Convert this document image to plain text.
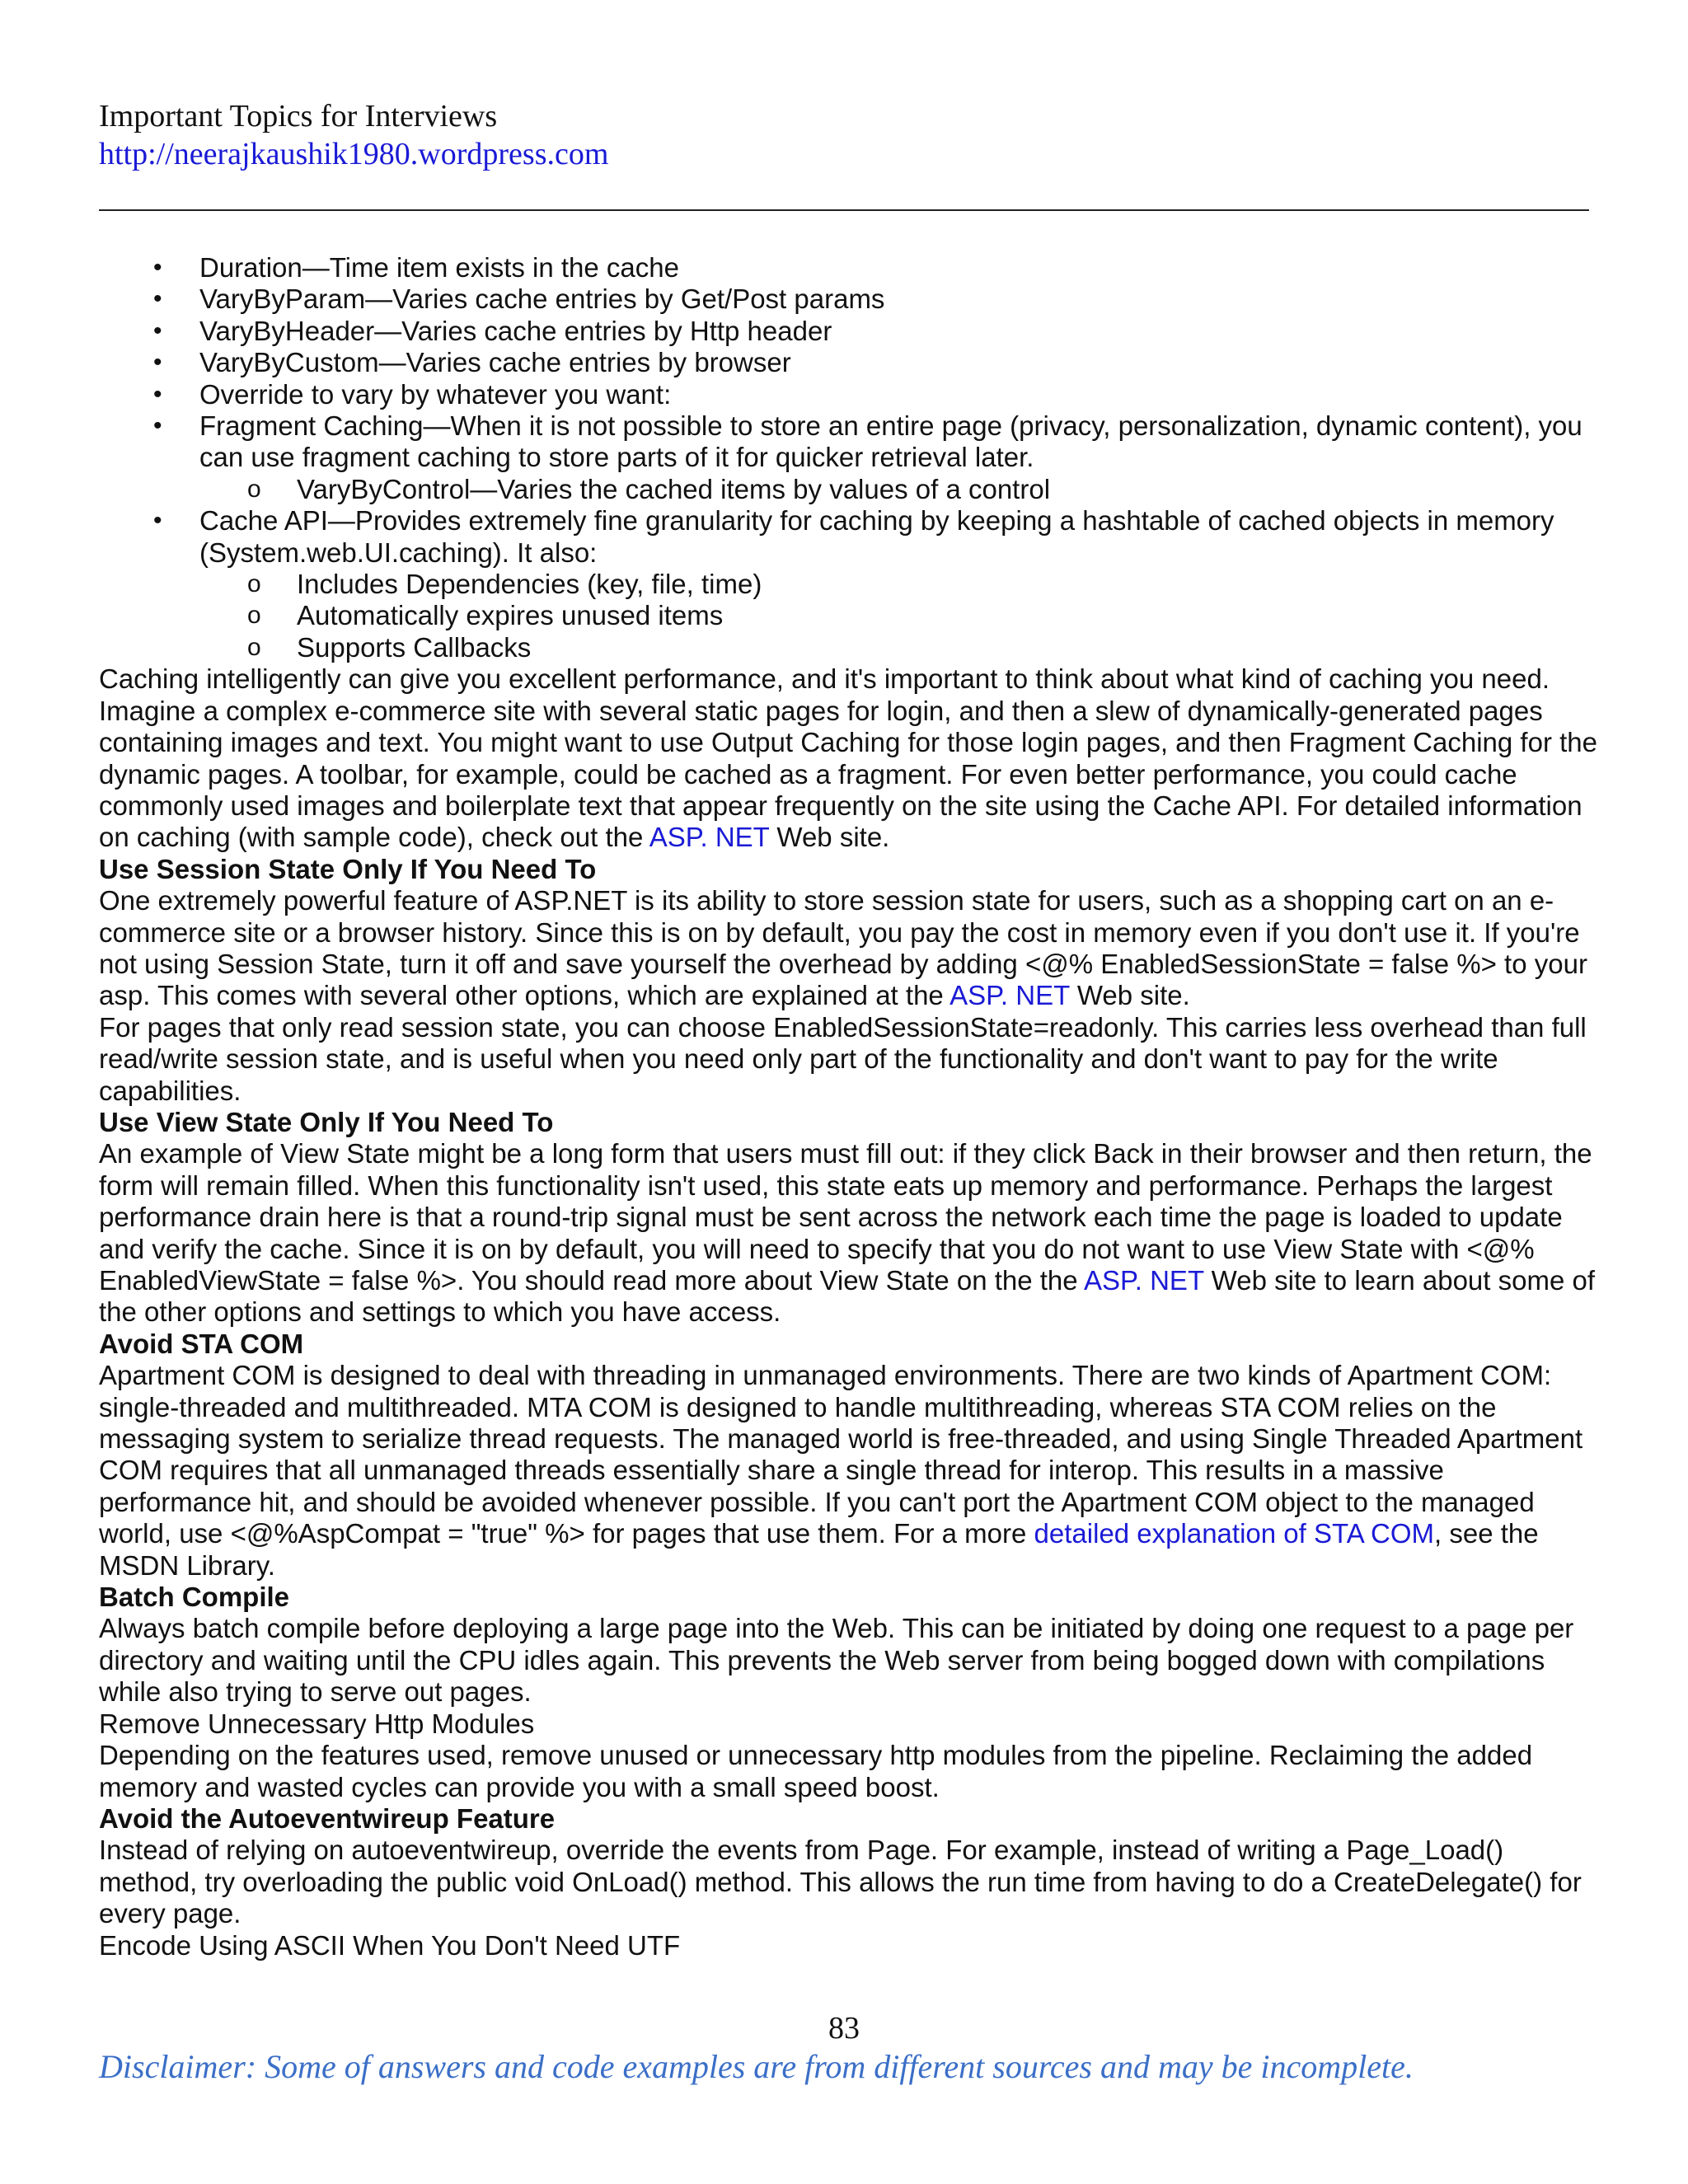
Important Topics for Interviews
http://neerajkaushik1980.wordpress.com
• Duration—Time item exists in the cache
• VaryByParam—Varies cache entries by Get/Post params
• VaryByHeader—Varies cache entries by Http header
• VaryByCustom—Varies cache entries by browser
• Override to vary by whatever you want:
• Fragment Caching—When it is not possible to store an entire page (privacy, personalization, dynamic content), you can use fragment caching to store parts of it for quicker retrieval later.
o	VaryByControl—Varies the cached items by values of a control
• Cache API—Provides extremely fine granularity for caching by keeping a hashtable of cached objects in memory (System.web.UI.caching). It also:
o	Includes Dependencies (key, file, time)
o	Automatically expires unused items
o	Supports Callbacks

Caching intelligently can give you excellent performance, and it's important to think about what kind of caching you need. Imagine a complex e-commerce site with several static pages for login, and then a slew of dynamically-generated pages containing images and text. You might want to use Output Caching for those login pages, and then Fragment Caching for the dynamic pages. A toolbar, for example, could be cached as a fragment. For even better performance, you could cache commonly used images and boilerplate text that appear frequently on the site using the Cache API. For detailed information on caching (with sample code), check out the ASP. NET Web site.

Use Session State Only If You Need To

One extremely powerful feature of ASP.NET is its ability to store session state for users, such as a shopping cart on an e-commerce site or a browser history. Since this is on by default, you pay the cost in memory even if you don't use it. If you're not using Session State, turn it off and save yourself the overhead by adding <@% EnabledSessionState = false %> to your asp. This comes with several other options, which are explained at the ASP. NET Web site.

For pages that only read session state, you can choose EnabledSessionState=readonly. This carries less overhead than full read/write session state, and is useful when you need only part of the functionality and don't want to pay for the write capabilities.

Use View State Only If You Need To

An example of View State might be a long form that users must fill out: if they click Back in their browser and then return, the form will remain filled. When this functionality isn't used, this state eats up memory and performance. Perhaps the largest performance drain here is that a round-trip signal must be sent across the network each time the page is loaded to update and verify the cache. Since it is on by default, you will need to specify that you do not want to use View State with <@% EnabledViewState = false %>. You should read more about View State on the the ASP. NET Web site to learn about some of the other options and settings to which you have access.

Avoid STA COM

Apartment COM is designed to deal with threading in unmanaged environments. There are two kinds of Apartment COM: single-threaded and multithreaded. MTA COM is designed to handle multithreading, whereas STA COM relies on the messaging system to serialize thread requests. The managed world is free-threaded, and using Single Threaded Apartment COM requires that all unmanaged threads essentially share a single thread for interop. This results in a massive performance hit, and should be avoided whenever possible. If you can't port the Apartment COM object to the managed world, use <@%AspCompat = "true" %> for pages that use them. For a more detailed explanation of STA COM, see the MSDN Library.

Batch Compile

Always batch compile before deploying a large page into the Web. This can be initiated by doing one request to a page per directory and waiting until the CPU idles again. This prevents the Web server from being bogged down with compilations while also trying to serve out pages.

Remove Unnecessary Http Modules

Depending on the features used, remove unused or unnecessary http modules from the pipeline. Reclaiming the added memory and wasted cycles can provide you with a small speed boost.

Avoid the Autoeventwireup Feature

Instead of relying on autoeventwireup, override the events from Page. For example, instead of writing a Page_Load() method, try overloading the public void OnLoad() method. This allows the run time from having to do a CreateDelegate() for every page.

Encode Using ASCII When You Don't Need UTF

83
Disclaimer: Some of answers and code examples are from different sources and may be incomplete.
